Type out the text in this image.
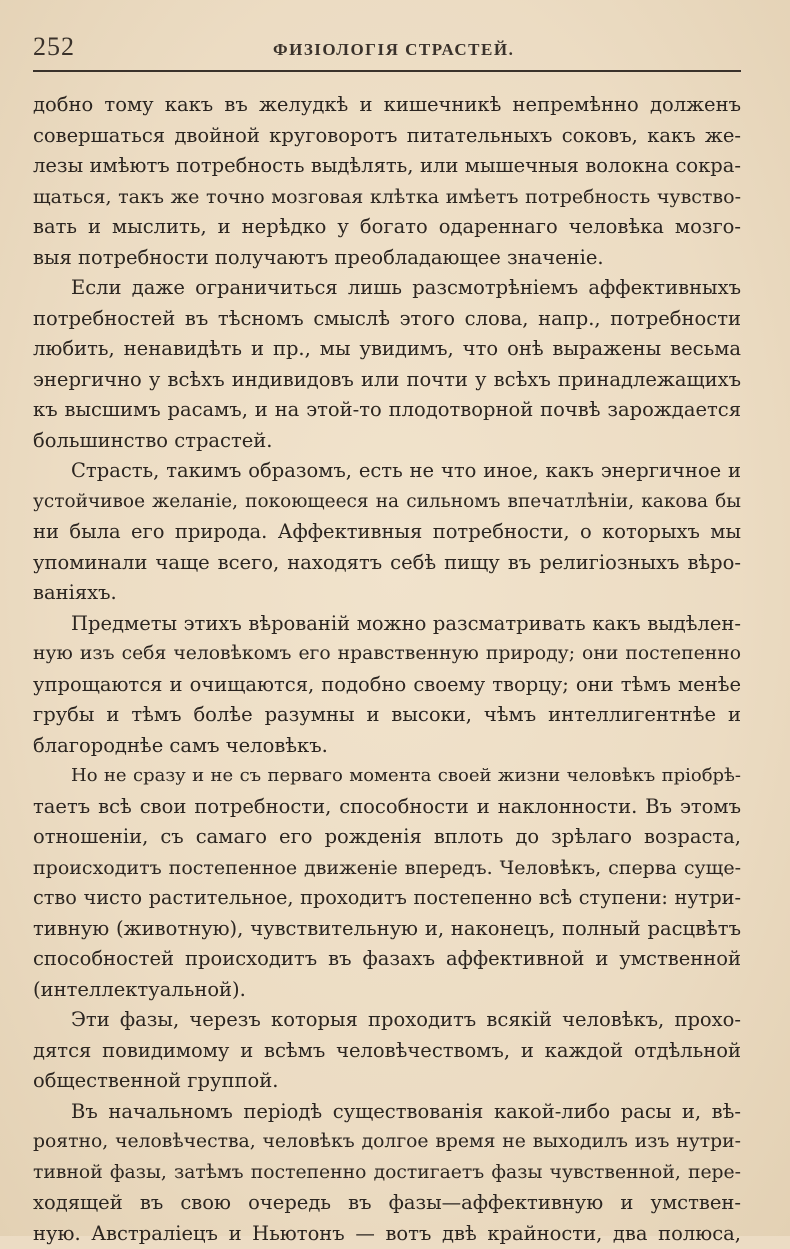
252	ФИЗІОЛОГІЯ СТРАСТЕЙ.
добно тому какъ въ желудкѣ и кишечникѣ непремѣнно долженъ
совершаться двойной круговоротъ питательныхъ соковъ, какъ же-
лезы имѣютъ потребность выдѣлять, или мышечныя волокна сокра-
щаться, такъ же точно мозговая клѣтка имѣетъ потребность чувство-
вать и мыслить, и нерѣдко у богато одареннаго человѣка мозго-
выя потребности получаютъ преобладающее значеніе.
Если даже ограничиться лишь разсмотрѣніемъ аффективныхъ
потребностей въ тѣсномъ смыслѣ этого слова, напр., потребности
любить, ненавидѣть и пр., мы увидимъ, что онѣ выражены весьма
энергично у всѣхъ индивидовъ или почти у всѣхъ принадлежащихъ
къ высшимъ расамъ, и на этой-то плодотворной почвѣ зарождается
большинство страстей.
Страсть, такимъ образомъ, есть не что иное, какъ энергичное и
устойчивое желаніе, покоющееся на сильномъ впечатлѣніи, какова бы
ни была его природа. Аффективныя потребности, о которыхъ мы
упоминали чаще всего, находятъ себѣ пищу въ религіозныхъ вѣро-
ваніяхъ.
Предметы этихъ вѣрованій можно разсматривать какъ выдѣлен-
ную изъ себя человѣкомъ его нравственную природу; они постепенно
упрощаются и очищаются, подобно своему творцу; они тѣмъ менѣе
грубы и тѣмъ болѣе разумны и высоки, чѣмъ интеллигентнѣе и
благороднѣе самъ человѣкъ.
Но не сразу и не съ перваго момента своей жизни человѣкъ пріобрѣ-
таетъ всѣ свои потребности, способности и наклонности. Въ этомъ
отношеніи, съ самаго его рожденія вплоть до зрѣлаго возраста,
происходитъ постепенное движеніе впередъ. Человѣкъ, сперва суще-
ство чисто растительное, проходитъ постепенно всѣ ступени: нутри-
тивную (животную), чувствительную и, наконецъ, полный расцвѣтъ
способностей происходитъ въ фазахъ аффективной и умственной
(интеллектуальной).
Эти фазы, черезъ которыя проходитъ всякій человѣкъ, прохо-
дятся повидимому и всѣмъ человѣчествомъ, и каждой отдѣльной
общественной группой.
Въ начальномъ періодѣ существованія какой-либо расы и, вѣ-
роятно, человѣчества, человѣкъ долгое время не выходилъ изъ нутри-
тивной фазы, затѣмъ постепенно достигаетъ фазы чувственной, пере-
ходящей въ свою очередь въ фазы—аффективную и умствен-
ную. Австраліецъ и Ньютонъ — вотъ двѣ крайности, два полюса,
